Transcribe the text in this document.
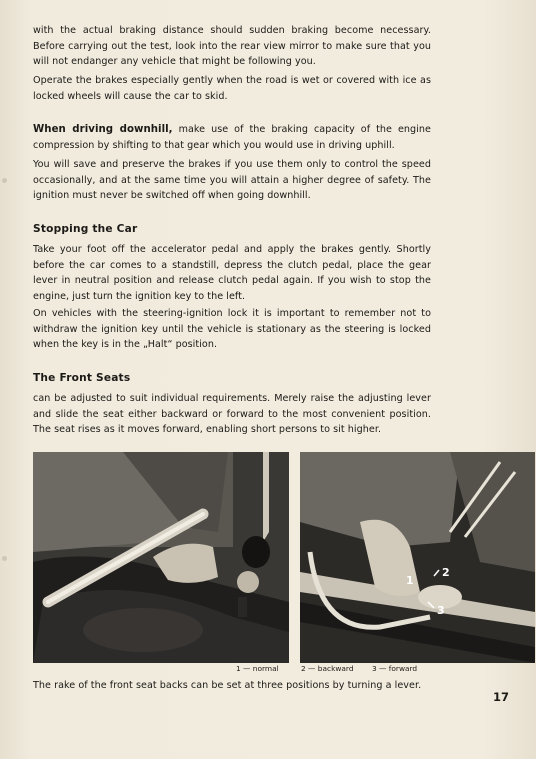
with the actual braking distance should sudden braking become necessary. Before carrying out the test, look into the rear view mirror to make sure that you will not endanger any vehicle that might be following you.

Operate the brakes especially gently when the road is wet or covered with ice as locked wheels will cause the car to skid.

When driving downhill, make use of the braking capacity of the engine compression by shifting to that gear which you would use in driving uphill.

You will save and preserve the brakes if you use them only to control the speed occasionally, and at the same time you will attain a higher degree of safety. The ignition must never be switched off when going downhill.

Stopping the Car

Take your foot off the accelerator pedal and apply the brakes gently. Shortly before the car comes to a standstill, depress the clutch pedal, place the gear lever in neutral position and release clutch pedal again. If you wish to stop the engine, just turn the ignition key to the left.

On vehicles with the steering-ignition lock it is important to remember not to withdraw the ignition key until the vehicle is stationary as the steering is locked when the key is in the „Halt“ position.

The Front Seats

can be adjusted to suit individual requirements. Merely raise the adjusting lever and slide the seat either backward or forward to the most convenient position. The seat rises as it moves forward, enabling short persons to sit higher.

1
2
3
1 — normal	2 — backward 3 — forward

The rake of the front seat backs can be set at three positions by turning a lever.

17
